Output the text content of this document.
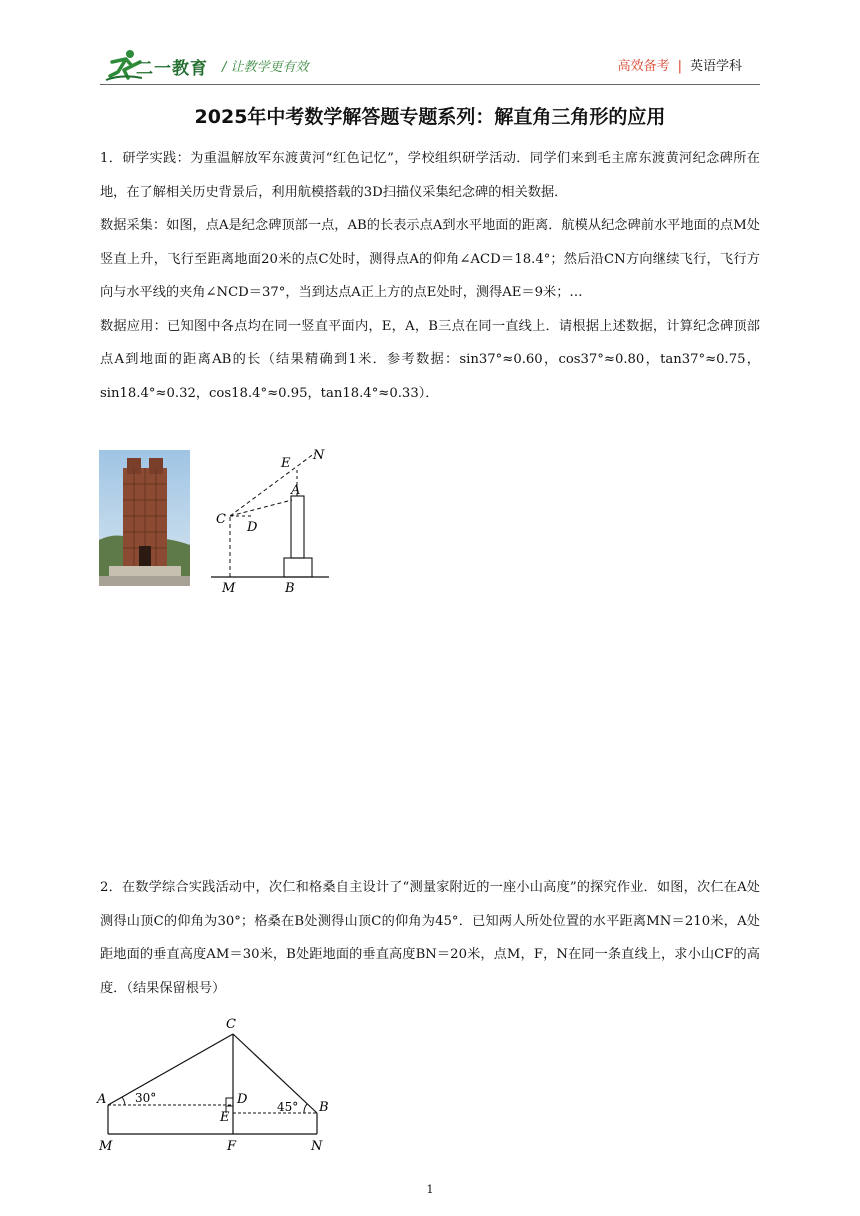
二一教育 / 让教学更有效	高效备考 | 英语学科
2025年中考数学解答题专题系列：解直角三角形的应用

1．研学实践：为重温解放军东渡黄河“红色记忆”，学校组织研学活动．同学们来到毛主席东渡黄河纪念碑所在地，在了解相关历史背景后，利用航模搭载的3D扫描仪采集纪念碑的相关数据．

数据采集：如图，点A是纪念碑顶部一点，AB的长表示点A到水平地面的距离．航模从纪念碑前水平地面的点M处竖直上升，飞行至距离地面20米的点C处时，测得点A的仰角∠ACD＝18.4°；然后沿CN方向继续飞行，飞行方向与水平线的夹角∠NCD＝37°，当到达点A正上方的点E处时，测得AE＝9米；…

数据应用：已知图中各点均在同一竖直平面内，E，A，B三点在同一直线上．请根据上述数据，计算纪念碑顶部点A到地面的距离AB的长（结果精确到1米．参考数据：sin37°≈0.60，cos37°≈0.80，tan37°≈0.75，sin18.4°≈0.32，cos18.4°≈0.95，tan18.4°≈0.33）．

E
N
A
C
D
M	B

2．在数学综合实践活动中，次仁和格桑自主设计了“测量家附近的一座小山高度”的探究作业．如图，次仁在A处测得山顶C的仰角为30°；格桑在B处测得山顶C的仰角为45°．已知两人所处位置的水平距离MN＝210米，A处距地面的垂直高度AM＝30米，B处距地面的垂直高度BN＝20米，点M，F，N在同一条直线上，求小山CF的高度．（结果保留根号）

C
A 30°	D
E
45° B
M	F	N
1
